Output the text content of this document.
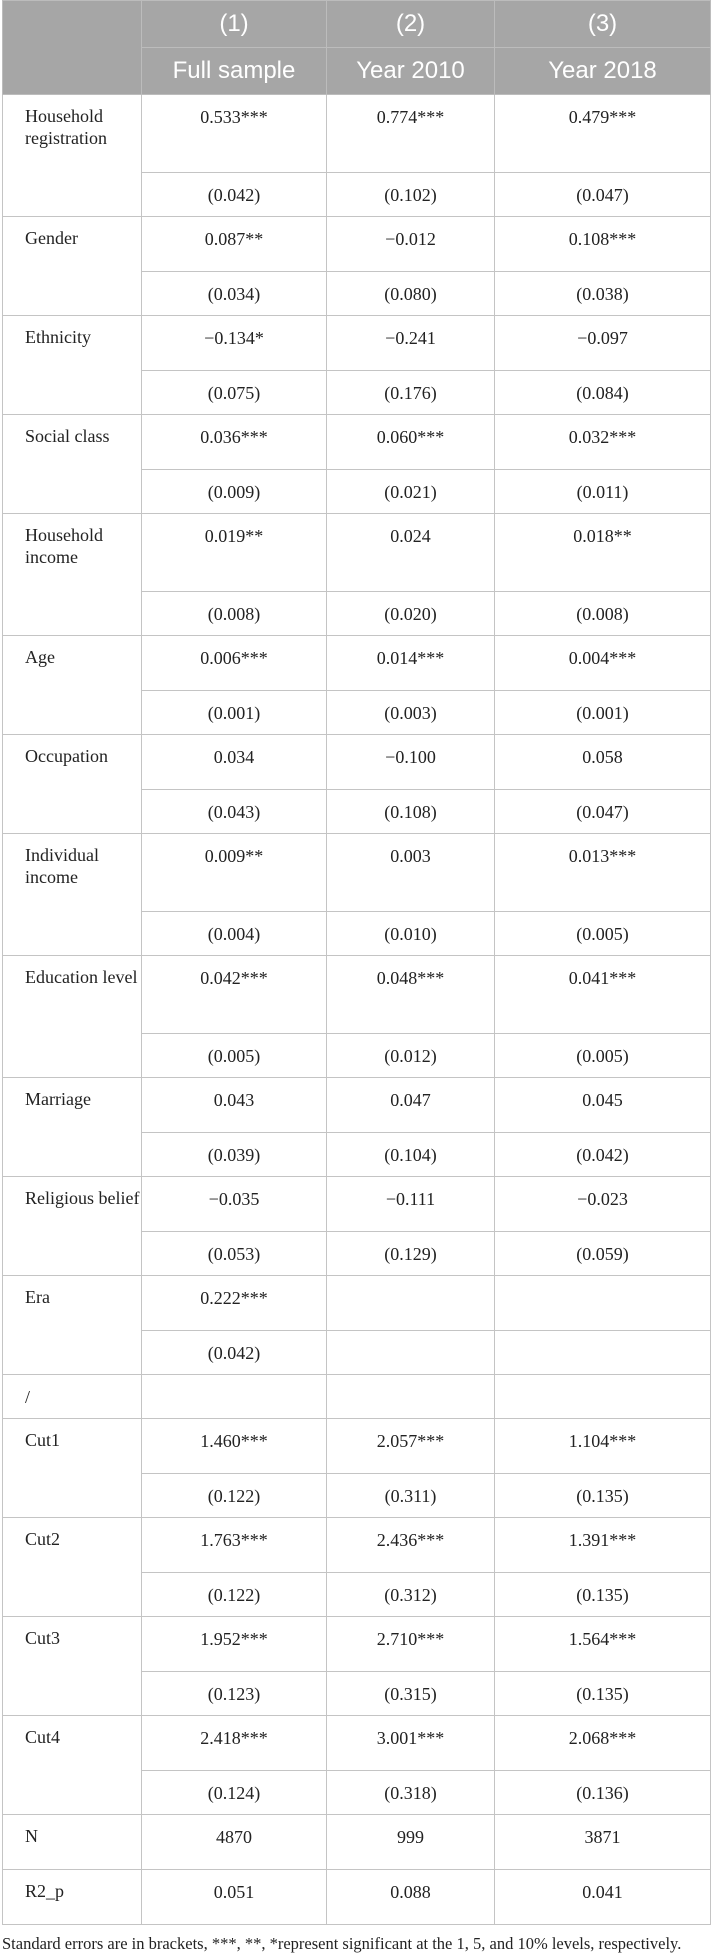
	(1)	(2)	(3)
	Full sample	Year 2010	Year 2018
Household registration	0.533***	0.774***	0.479***
	(0.042)	(0.102)	(0.047)
Gender	0.087**	−0.012	0.108***
	(0.034)	(0.080)	(0.038)
Ethnicity	−0.134*	−0.241	−0.097
	(0.075)	(0.176)	(0.084)
Social class	0.036***	0.060***	0.032***
	(0.009)	(0.021)	(0.011)
Household income	0.019**	0.024	0.018**
	(0.008)	(0.020)	(0.008)
Age	0.006***	0.014***	0.004***
	(0.001)	(0.003)	(0.001)
Occupation	0.034	−0.100	0.058
	(0.043)	(0.108)	(0.047)
Individual income	0.009**	0.003	0.013***
	(0.004)	(0.010)	(0.005)
Education level	0.042***	0.048***	0.041***
	(0.005)	(0.012)	(0.005)
Marriage	0.043	0.047	0.045
	(0.039)	(0.104)	(0.042)
Religious belief	−0.035	−0.111	−0.023
	(0.053)	(0.129)	(0.059)
Era	0.222***		
	(0.042)		
/			
Cut1	1.460***	2.057***	1.104***
	(0.122)	(0.311)	(0.135)
Cut2	1.763***	2.436***	1.391***
	(0.122)	(0.312)	(0.135)
Cut3	1.952***	2.710***	1.564***
	(0.123)	(0.315)	(0.135)
Cut4	2.418***	3.001***	2.068***
	(0.124)	(0.318)	(0.136)
N	4870	999	3871
R2_p	0.051	0.088	0.041
Standard errors are in brackets, ***, **, *represent significant at the 1, 5, and 10% levels, respectively.
